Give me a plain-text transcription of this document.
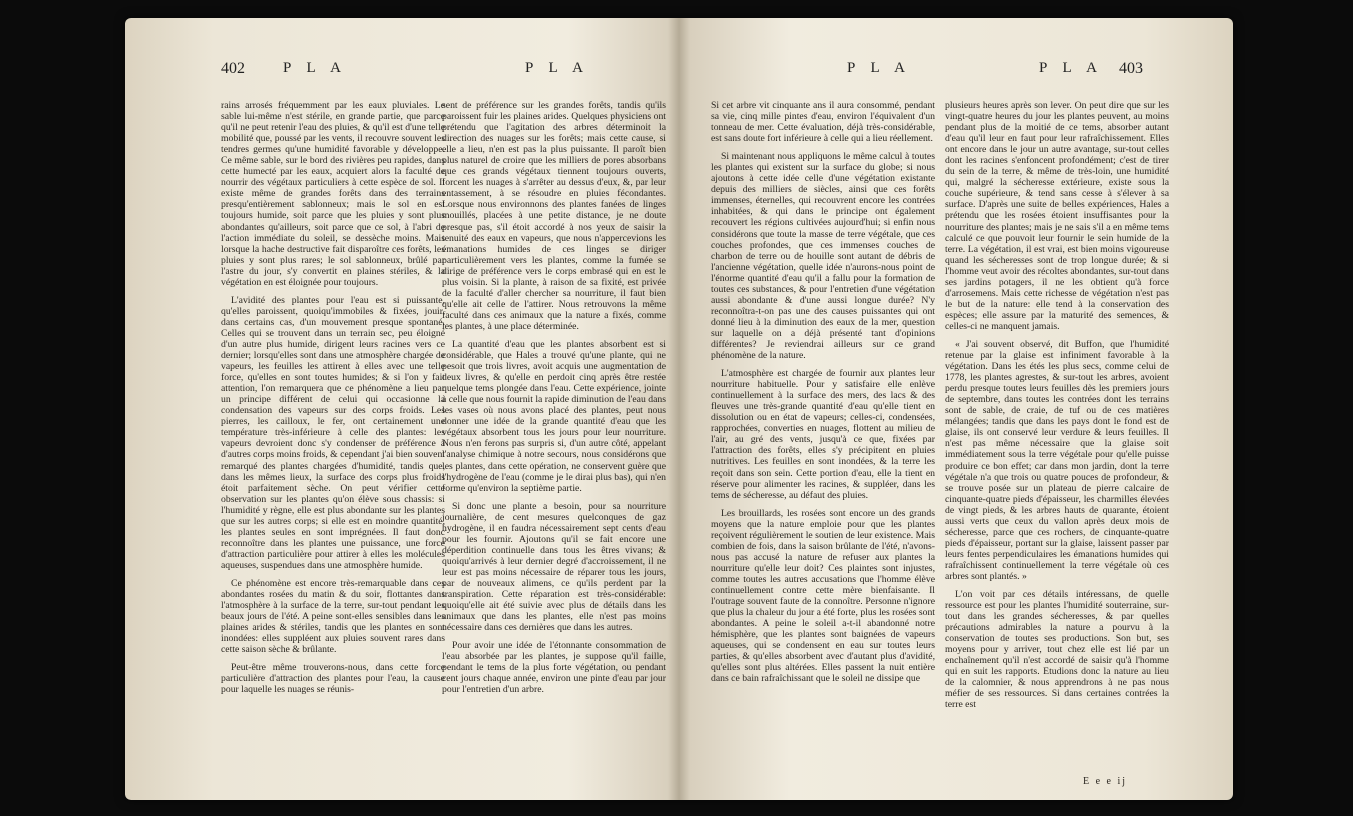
402	P L A	P L A

rains arrosés fréquemment par les eaux pluviales. Le sable lui-même n'est stérile, en grande partie, que parce qu'il ne peut retenir l'eau des pluies, & qu'il est d'une telle mobilité que, poussé par les vents, il recouvre souvent les tendres germes qu'une humidité favorable y développe. Ce même sable, sur le bord des rivières peu rapides, dans cette humecté par les eaux, acquiert alors la faculté de nourrir des végétaux particuliers à cette espèce de sol. Il existe même de grandes forêts dans des terrains presqu'entièrement sablonneux; mais le sol en est toujours humide, soit parce que les pluies y sont plus abondantes qu'ailleurs, soit parce que ce sol, à l'abri de l'action immédiate du soleil, se dessèche moins. Mais lorsque la hache destructive fait disparoître ces forêts, les pluies y sont plus rares; le sol sablonneux, brûlé par l'astre du jour, s'y convertit en plaines stériles, & la végétation en est éloignée pour toujours.

L'avidité des plantes pour l'eau est si puissante, qu'elles paroissent, quoiqu'immobiles & fixées, jouir, dans certains cas, d'un mouvement presque spontané. Celles qui se trouvent dans un terrain sec, peu éloigné d'un autre plus humide, dirigent leurs racines vers ce dernier; lorsqu'elles sont dans une atmosphère chargée de vapeurs, les feuilles les attirent à elles avec une telle force, qu'elles en sont toutes humides; & si l'on y fait attention, l'on remarquera que ce phénomène a lieu par un principe différent de celui qui occasionne la condensation des vapeurs sur des corps froids. Les pierres, les cailloux, le fer, ont certainement une température très-inférieure à celle des plantes: les vapeurs devroient donc s'y condenser de préférence à d'autres corps moins froids, & cependant j'ai bien souvent remarqué des plantes chargées d'humidité, tandis que, dans les mêmes lieux, la surface des corps plus froids étoit parfaitement sèche. On peut vérifier cette observation sur les plantes qu'on élève sous chassis: si l'humidité y règne, elle est plus abondante sur les plantes que sur les autres corps; si elle est en moindre quantité, les plantes seules en sont imprégnées. Il faut donc reconnoître dans les plantes une puissance, une force d'attraction particulière pour attirer à elles les molécules aqueuses, suspendues dans une atmosphère humide.

Ce phénomène est encore très-remarquable dans ces abondantes rosées du matin & du soir, flottantes dans l'atmosphère à la surface de la terre, sur-tout pendant les beaux jours de l'été. A peine sont-elles sensibles dans les plaines arides & stériles, tandis que les plantes en sont inondées: elles suppléent aux pluies souvent rares dans cette saison sèche & brûlante.

Peut-être même trouverons-nous, dans cette force particulière d'attraction des plantes pour l'eau, la cause pour laquelle les nuages se réunis-

sent de préférence sur les grandes forêts, tandis qu'ils paroissent fuir les plaines arides. Quelques physiciens ont prétendu que l'agitation des arbres déterminoit la direction des nuages sur les forêts; mais cette cause, si elle a lieu, n'en est pas la plus puissante. Il paroît bien plus naturel de croire que les milliers de pores absorbans que ces grands végétaux tiennent toujours ouverts, forcent les nuages à s'arrêter au dessus d'eux, &, par leur entassement, à se résoudre en pluies fécondantes. Lorsque nous environnons des plantes fanées de linges mouillés, placées à une petite distance, je ne doute presque pas, s'il étoit accordé à nos yeux de saisir la tenuité des eaux en vapeurs, que nous n'appercevions les émanations humides de ces linges se diriger particulièrement vers les plantes, comme la fumée se dirige de préférence vers le corps embrasé qui en est le plus voisin. Si la plante, à raison de sa fixité, est privée de la faculté d'aller chercher sa nourriture, il faut bien qu'elle ait celle de l'attirer. Nous retrouvons la même faculté dans ces animaux que la nature a fixés, comme les plantes, à une place déterminée.

La quantité d'eau que les plantes absorbent est si considérable, que Hales a trouvé qu'une plante, qui ne pesoit que trois livres, avoit acquis une augmentation de deux livres, & qu'elle en perdoit cinq après être restée quelque tems plongée dans l'eau. Cette expérience, jointe à celle que nous fournit la rapide diminution de l'eau dans les vases où nous avons placé des plantes, peut nous donner une idée de la grande quantité d'eau que les végétaux absorbent tous les jours pour leur nourriture. Nous n'en ferons pas surpris si, d'un autre côté, appelant l'analyse chimique à notre secours, nous considérons que les plantes, dans cette opération, ne conservent guère que l'hydrogène de l'eau (comme je le dirai plus bas), qui n'en forme qu'environ la septième partie.

Si donc une plante a besoin, pour sa nourriture journalière, de cent mesures quelconques de gaz hydrogène, il en faudra nécessairement sept cents d'eau pour les fournir. Ajoutons qu'il se fait encore une déperdition continuelle dans tous les êtres vivans; & quoiqu'arrivés à leur dernier degré d'accroissement, il ne leur est pas moins nécessaire de réparer tous les jours, par de nouveaux alimens, ce qu'ils perdent par la transpiration. Cette réparation est très-considérable: quoiqu'elle ait été suivie avec plus de détails dans les animaux que dans les plantes, elle n'est pas moins nécessaire dans ces dernières que dans les autres.

Pour avoir une idée de l'étonnante consommation de l'eau absorbée par les plantes, je suppose qu'il faille, pendant le tems de la plus forte végétation, ou pendant cent jours chaque année, environ une pinte d'eau par jour pour l'entretien d'un arbre.

P L A	P L A 403

Si cet arbre vit cinquante ans il aura consommé, pendant sa vie, cinq mille pintes d'eau, environ l'équivalent d'un tonneau de mer. Cette évaluation, déjà très-considérable, est sans doute fort inférieure à celle qui a lieu réellement.

Si maintenant nous appliquons le même calcul à toutes les plantes qui existent sur la surface du globe; si nous ajoutons à cette idée celle d'une végétation existante depuis des milliers de siècles, ainsi que ces forêts immenses, éternelles, qui recouvrent encore les contrées inhabitées, & qui dans le principe ont également recouvert les régions cultivées aujourd'hui; si enfin nous considérons que toute la masse de terre végétale, que ces couches profondes, que ces immenses couches de charbon de terre ou de houille sont autant de débris de l'ancienne végétation, quelle idée n'aurons-nous point de l'énorme quantité d'eau qu'il a fallu pour la formation de toutes ces substances, & pour l'entretien d'une végétation aussi abondante & d'une aussi longue durée? N'y reconnoîtra-t-on pas une des causes puissantes qui ont donné lieu à la diminution des eaux de la mer, question sur laquelle on a déjà présenté tant d'opinions différentes? Je reviendrai ailleurs sur ce grand phénomène de la nature.

L'atmosphère est chargée de fournir aux plantes leur nourriture habituelle. Pour y satisfaire elle enlève continuellement à la surface des mers, des lacs & des fleuves une très-grande quantité d'eau qu'elle tient en dissolution ou en état de vapeurs; celles-ci, condensées, rapprochées, converties en nuages, flottent au milieu de l'air, au gré des vents, jusqu'à ce que, fixées par l'attraction des forêts, elles s'y précipitent en pluies nutritives. Les feuilles en sont inondées, & la terre les reçoit dans son sein. Cette portion d'eau, elle la tient en réserve pour alimenter les racines, & suppléer, dans les tems de sécheresse, au défaut des pluies.

Les brouillards, les rosées sont encore un des grands moyens que la nature emploie pour que les plantes reçoivent régulièrement le soutien de leur existence. Mais combien de fois, dans la saison brûlante de l'été, n'avons-nous pas accusé la nature de refuser aux plantes la nourriture qu'elle leur doit? Ces plaintes sont injustes, comme toutes les autres accusations que l'homme élève continuellement contre cette mère bienfaisante. Il l'outrage souvent faute de la connoître. Personne n'ignore que plus la chaleur du jour a été forte, plus les rosées sont abondantes. A peine le soleil a-t-il abandonné notre hémisphère, que les plantes sont baignées de vapeurs aqueuses, qui se condensent en eau sur toutes leurs parties, & qu'elles absorbent avec d'autant plus d'avidité, qu'elles sont plus altérées. Elles passent la nuit entière dans ce bain rafraîchissant que le soleil ne dissipe que

plusieurs heures après son lever. On peut dire que sur les vingt-quatre heures du jour les plantes peuvent, au moins pendant plus de la moitié de ce tems, absorber autant d'eau qu'il leur en faut pour leur rafraîchissement. Elles ont encore dans le jour un autre avantage, sur-tout celles dont les racines s'enfoncent profondément; c'est de tirer du sein de la terre, & même de très-loin, une humidité qui, malgré la sécheresse extérieure, existe sous la couche supérieure, & tend sans cesse à s'élever à sa surface. D'après une suite de belles expériences, Hales a prétendu que les rosées étoient insuffisantes pour la nourriture des plantes; mais je ne sais s'il a en même tems calculé ce que pouvoit leur fournir le sein humide de la terre. La végétation, il est vrai, est bien moins vigoureuse quand les sécheresses sont de trop longue durée; & si l'homme veut avoir des récoltes abondantes, sur-tout dans ses jardins potagers, il ne les obtient qu'à force d'arrosemens. Mais cette richesse de végétation n'est pas le but de la nature: elle tend à la conservation des espèces; elle assure par la maturité des semences, & celles-ci ne manquent jamais.

« J'ai souvent observé, dit Buffon, que l'humidité retenue par la glaise est infiniment favorable à la végétation. Dans les étés les plus secs, comme celui de 1778, les plantes agrestes, & sur-tout les arbres, avoient perdu presque toutes leurs feuilles dès les premiers jours de septembre, dans toutes les contrées dont les terrains sont de sable, de craie, de tuf ou de ces matières mélangées; tandis que dans les pays dont le fond est de glaise, ils ont conservé leur verdure & leurs feuilles. Il n'est pas même nécessaire que la glaise soit immédiatement sous la terre végétale pour qu'elle puisse produire ce bon effet; car dans mon jardin, dont la terre végétale n'a que trois ou quatre pouces de profondeur, & se trouve posée sur un plateau de pierre calcaire de cinquante-quatre pieds d'épaisseur, les charmilles élevées de vingt pieds, & les arbres hauts de quarante, étoient aussi verts que ceux du vallon après deux mois de sécheresse, parce que ces rochers, de cinquante-quatre pieds d'épaisseur, portant sur la glaise, laissent passer par leurs fentes perpendiculaires les émanations humides qui rafraîchissent continuellement la terre végétale où ces arbres sont plantés. »

L'on voit par ces détails intéressans, de quelle ressource est pour les plantes l'humidité souterraine, sur-tout dans les grandes sécheresses, & par quelles précautions admirables la nature a pourvu à la conservation de toutes ses productions. Son but, ses moyens pour y arriver, tout chez elle est lié par un enchaînement qu'il n'est accordé de saisir qu'à l'homme qui en suit les rapports. Etudions donc la nature au lieu de la calomnier, & nous apprendrons à ne pas nous méfier de ses ressources. Si dans certaines contrées la terre est

E e e ij
